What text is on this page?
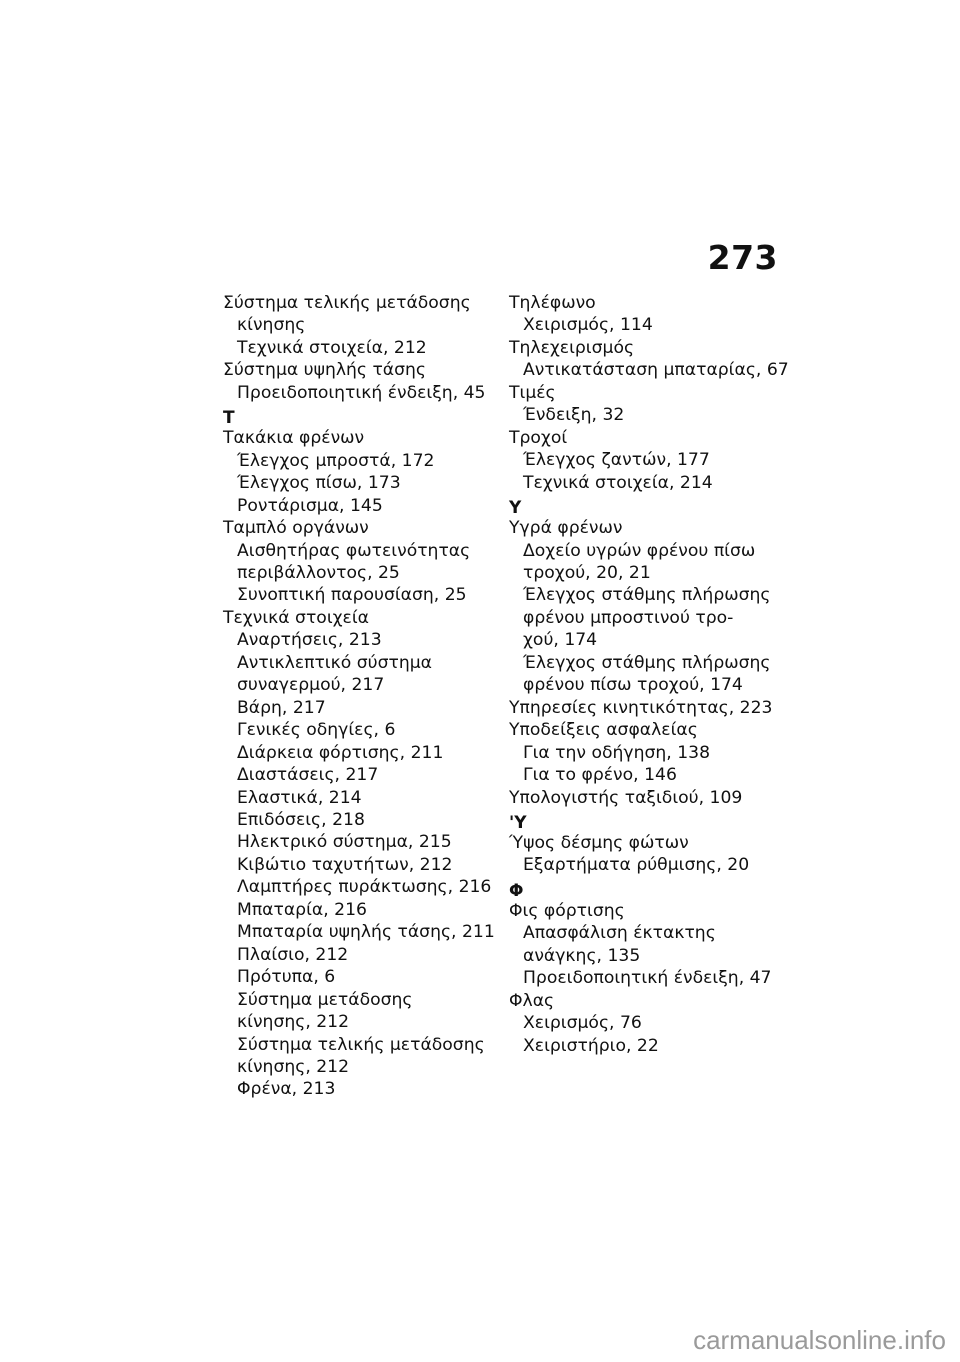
273
Σύστημα τελικής μετάδοσης
κίνησης
Τεχνικά στοιχεία, 212
Σύστημα υψηλής τάσης
Προειδοποιητική ένδειξη, 45
Τ
Τακάκια φρένων
Έλεγχος μπροστά, 172
Έλεγχος πίσω, 173
Ροντάρισμα, 145
Ταμπλό οργάνων
Αισθητήρας φωτεινότητας
περιβάλλοντος, 25
Συνοπτική παρουσίαση, 25
Τεχνικά στοιχεία
Αναρτήσεις, 213
Αντικλεπτικό σύστημα
συναγερμού, 217
Βάρη, 217
Γενικές οδηγίες, 6
Διάρκεια φόρτισης, 211
Διαστάσεις, 217
Ελαστικά, 214
Επιδόσεις, 218
Ηλεκτρικό σύστημα, 215
Κιβώτιο ταχυτήτων, 212
Λαμπτήρες πυράκτωσης, 216
Μπαταρία, 216
Μπαταρία υψηλής τάσης, 211
Πλαίσιο, 212
Πρότυπα, 6
Σύστημα μετάδοσης
κίνησης, 212
Σύστημα τελικής μετάδοσης
κίνησης, 212
Φρένα, 213
Τηλέφωνο
Χειρισμός, 114
Τηλεχειρισμός
Αντικατάσταση μπαταρίας, 67
Τιμές
Ένδειξη, 32
Τροχοί
Έλεγχος ζαντών, 177
Τεχνικά στοιχεία, 214
Υ
Υγρά φρένων
Δοχείο υγρών φρένου πίσω
τροχού, 20, 21
Έλεγχος στάθμης πλήρωσης
φρένου μπροστινού τρο-
χού, 174
Έλεγχος στάθμης πλήρωσης
φρένου πίσω τροχού, 174
Υπηρεσίες κινητικότητας, 223
Υποδείξεις ασφαλείας
Για την οδήγηση, 138
Για το φρένο, 146
Υπολογιστής ταξιδιού, 109
'Υ
Ύψος δέσμης φώτων
Εξαρτήματα ρύθμισης, 20
Φ
Φις φόρτισης
Απασφάλιση έκτακτης
ανάγκης, 135
Προειδοποιητική ένδειξη, 47
Φλας
Χειρισμός, 76
Χειριστήριο, 22
carmanualsonline.info
